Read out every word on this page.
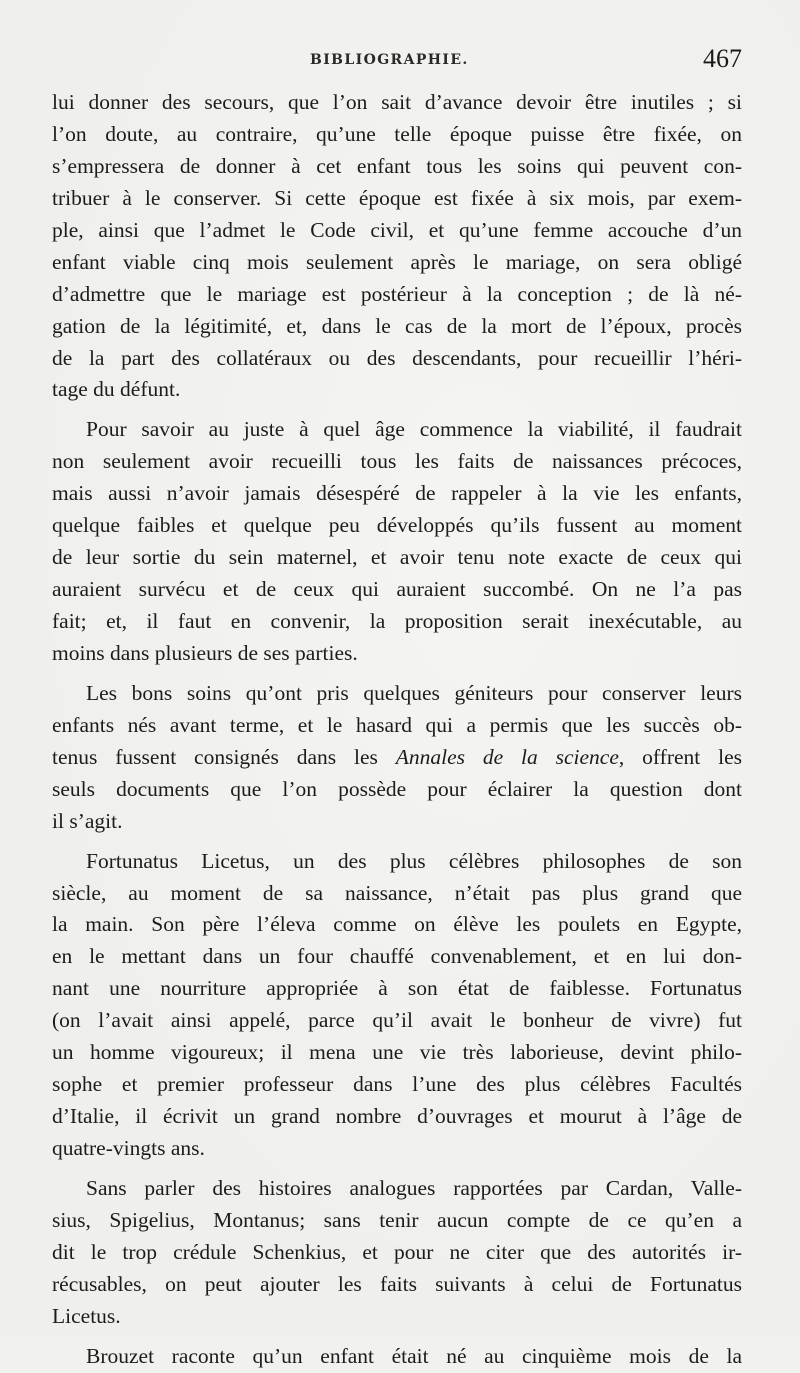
BIBLIOGRAPHIE.	467
lui donner des secours, que l’on sait d’avance devoir être inutiles ; si
l’on doute, au contraire, qu’une telle époque puisse être fixée, on
s’empressera de donner à cet enfant tous les soins qui peuvent con-
tribuer à le conserver. Si cette époque est fixée à six mois, par exem-
ple, ainsi que l’admet le Code civil, et qu’une femme accouche d’un
enfant viable cinq mois seulement après le mariage, on sera obligé
d’admettre que le mariage est postérieur à la conception ; de là né-
gation de la légitimité, et, dans le cas de la mort de l’époux, procès
de la part des collatéraux ou des descendants, pour recueillir l’héri-
tage du défunt.
Pour savoir au juste à quel âge commence la viabilité, il faudrait
non seulement avoir recueilli tous les faits de naissances précoces,
mais aussi n’avoir jamais désespéré de rappeler à la vie les enfants,
quelque faibles et quelque peu développés qu’ils fussent au moment
de leur sortie du sein maternel, et avoir tenu note exacte de ceux qui
auraient survécu et de ceux qui auraient succombé. On ne l’a pas
fait; et, il faut en convenir, la proposition serait inexécutable, au
moins dans plusieurs de ses parties.
Les bons soins qu’ont pris quelques géniteurs pour conserver leurs
enfants nés avant terme, et le hasard qui a permis que les succès ob-
tenus fussent consignés dans les Annales de la science, offrent les
seuls documents que l’on possède pour éclairer la question dont
il s’agit.
Fortunatus Licetus, un des plus célèbres philosophes de son
siècle, au moment de sa naissance, n’était pas plus grand que
la main. Son père l’éleva comme on élève les poulets en Egypte,
en le mettant dans un four chauffé convenablement, et en lui don-
nant une nourriture appropriée à son état de faiblesse. Fortunatus
(on l’avait ainsi appelé, parce qu’il avait le bonheur de vivre) fut
un homme vigoureux; il mena une vie très laborieuse, devint philo-
sophe et premier professeur dans l’une des plus célèbres Facultés
d’Italie, il écrivit un grand nombre d’ouvrages et mourut à l’âge de
quatre-vingts ans.
Sans parler des histoires analogues rapportées par Cardan, Valle-
sius, Spigelius, Montanus; sans tenir aucun compte de ce qu’en a
dit le trop crédule Schenkius, et pour ne citer que des autorités ir-
récusables, on peut ajouter les faits suivants à celui de Fortunatus
Licetus.
Brouzet raconte qu’un enfant était né au cinquième mois de la
